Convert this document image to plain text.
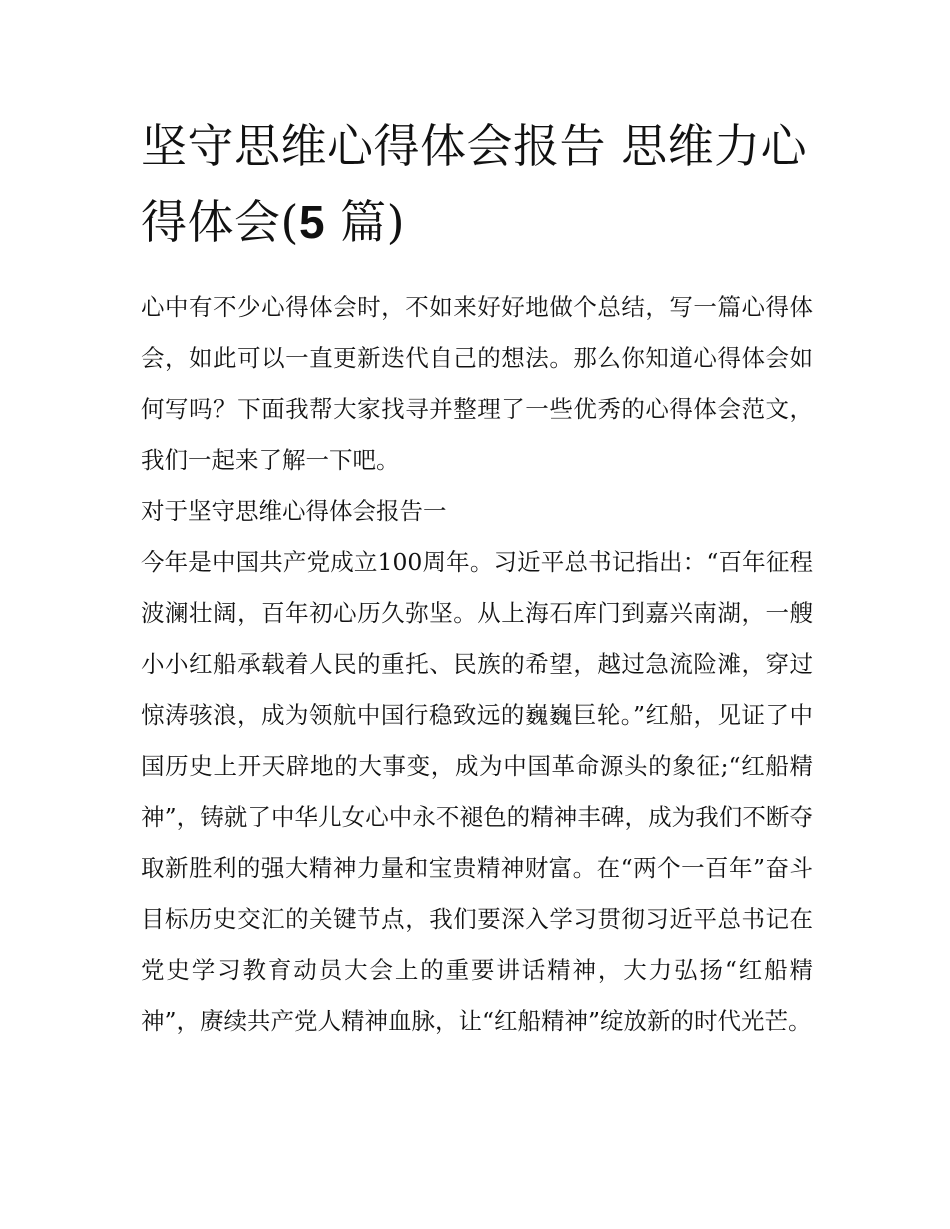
坚守思维心得体会报告 思维力心得体会(5 篇)

心中有不少心得体会时，不如来好好地做个总结，写一篇心得体会，如此可以一直更新迭代自己的想法。那么你知道心得体会如何写吗？下面我帮大家找寻并整理了一些优秀的心得体会范文，我们一起来了解一下吧。

对于坚守思维心得体会报告一

今年是中国共产党成立100周年。习近平总书记指出：“百年征程波澜壮阔，百年初心历久弥坚。从上海石库门到嘉兴南湖，一艘小小红船承载着人民的重托、民族的希望，越过急流险滩，穿过惊涛骇浪，成为领航中国行稳致远的巍巍巨轮。”红船，见证了中国历史上开天辟地的大事变，成为中国革命源头的象征;“红船精神”，铸就了中华儿女心中永不褪色的精神丰碑，成为我们不断夺取新胜利的强大精神力量和宝贵精神财富。在“两个一百年”奋斗目标历史交汇的关键节点，我们要深入学习贯彻习近平总书记在党史学习教育动员大会上的重要讲话精神，大力弘扬“红船精神”，赓续共产党人精神血脉，让“红船精神”绽放新的时代光芒。
